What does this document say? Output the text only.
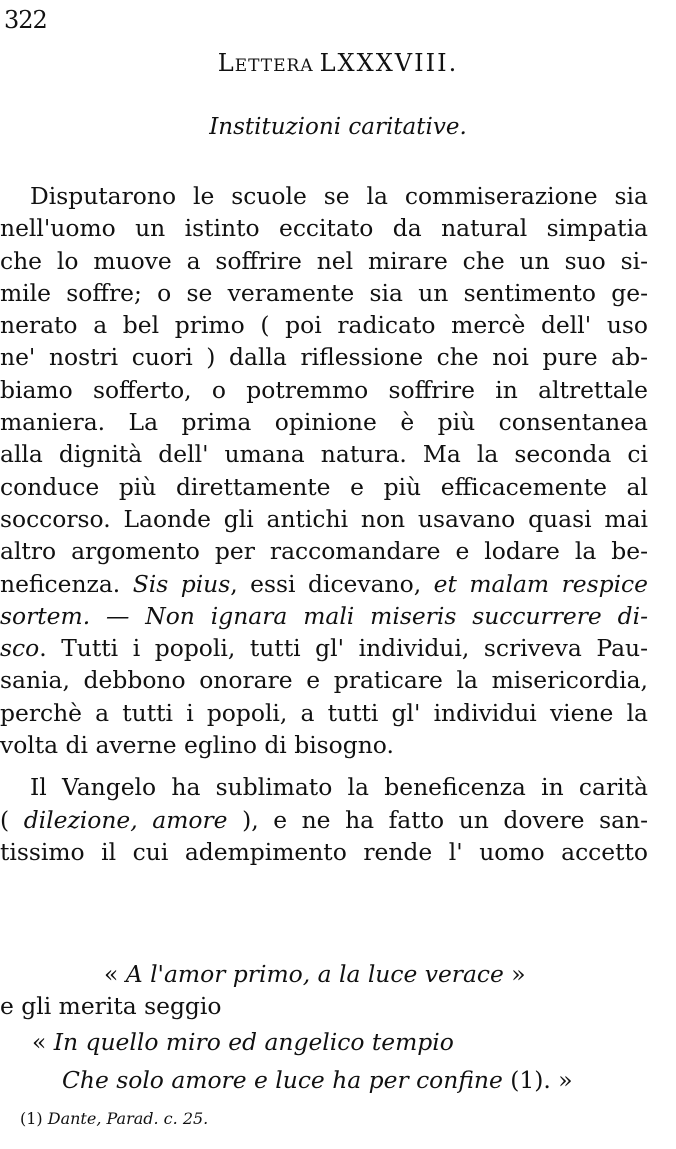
322
Lettera LXXXVIII.
Instituzioni caritative.
Disputarono le scuole se la commiserazione sia
nell'uomo un istinto eccitato da natural simpatia
che lo muove a soffrire nel mirare che un suo si-
mile soffre; o se veramente sia un sentimento ge-
nerato a bel primo ( poi radicato mercè dell' uso
ne' nostri cuori ) dalla riflessione che noi pure ab-
biamo sofferto, o potremmo soffrire in altrettale
maniera. La prima opinione è più consentanea
alla dignità dell' umana natura. Ma la seconda ci
conduce più direttamente e più efficacemente al
soccorso. Laonde gli antichi non usavano quasi mai
altro argomento per raccomandare e lodare la be-
neficenza. Sis pius, essi dicevano, et malam respice
sortem. — Non ignara mali miseris succurrere di-
sco. Tutti i popoli, tutti gl' individui, scriveva Pau-
sania, debbono onorare e praticare la misericordia,
perchè a tutti i popoli, a tutti gl' individui viene la
volta di averne eglino di bisogno.
Il Vangelo ha sublimato la beneficenza in carità
( dilezione, amore ), e ne ha fatto un dovere san-
tissimo il cui adempimento rende l' uomo accetto
« A l'amor primo, a la luce verace »
e gli merita seggio
« In quello miro ed angelico tempio
Che solo amore e luce ha per confine (1). »
(1) Dante, Parad. c. 25.
